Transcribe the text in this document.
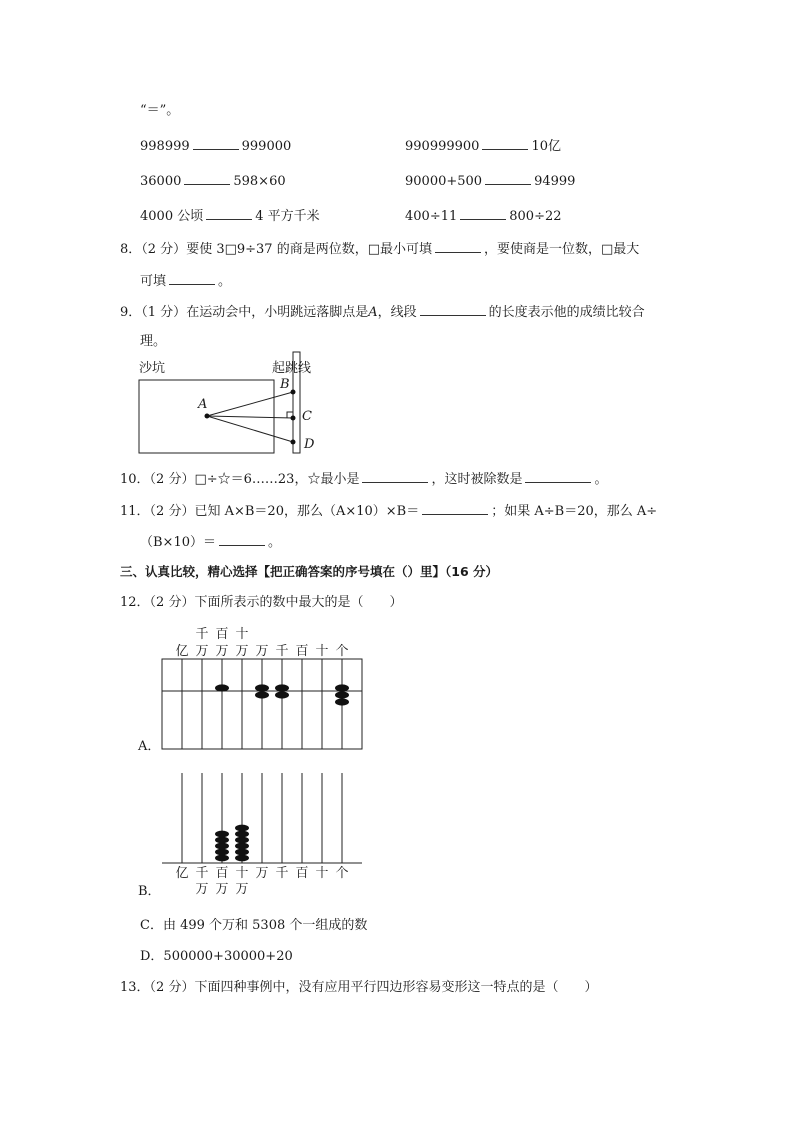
“＝”。
998999	999000	990999900	10亿
36000	598×60	90000+500	94999
4000 公顷	4 平方千米	400÷11	800÷22
8．（2 分）要使 3□9÷37 的商是两位数，□最小可填	，要使商是一位数，□最大
可填	。
9．（1 分）在运动会中，小明跳远落脚点是A，线段	的长度表示他的成绩比较合
理。
沙坑	起跳线
A
B
C
D
10．（2 分）□÷☆＝6……23，☆最小是	，这时被除数是	。
11．（2 分）已知 A×B＝20，那么（A×10）×B＝	；如果 A÷B＝20，那么 A÷
（B×10）＝	。
三、认真比较，精心选择【把正确答案的序号填在（）里】（16 分）
12．（2 分）下面所表示的数中最大的是（　　）
亿 万
千
万
百
万
十
万 千 百 十 个
A．
亿 千
万
百
万
十
万
万 千 百 十 个
B．
C．由 499 个万和 5308 个一组成的数
D．500000+30000+20
13．（2 分）下面四种事例中，没有应用平行四边形容易变形这一特点的是（　　）
